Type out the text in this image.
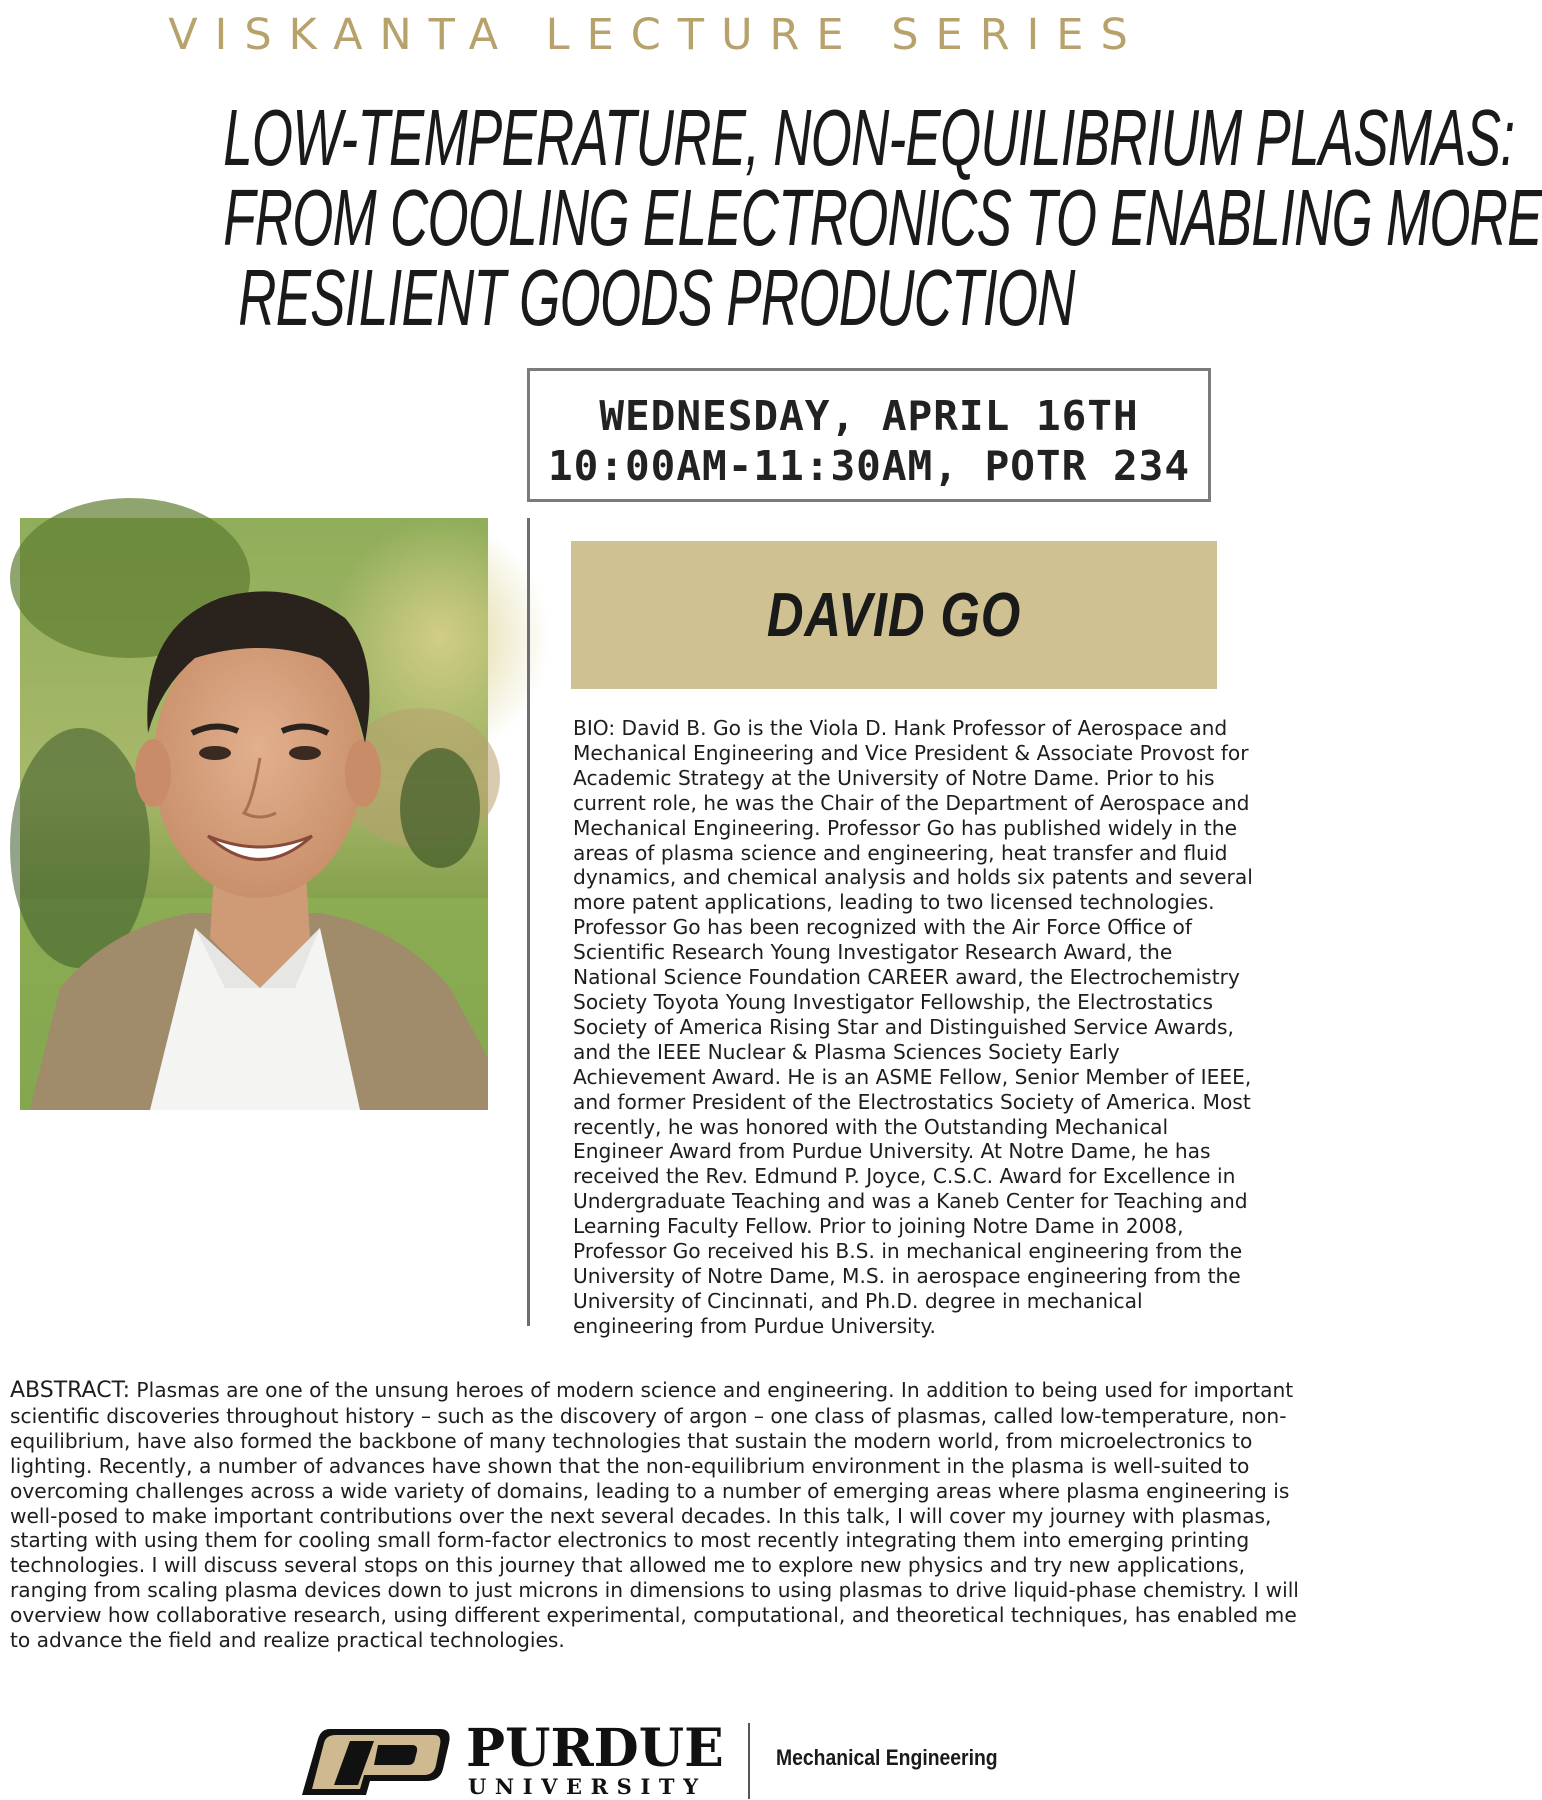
VISKANTA LECTURE SERIES
LOW-TEMPERATURE, NON-EQUILIBRIUM PLASMAS:
FROM COOLING ELECTRONICS TO ENABLING MORE
RESILIENT GOODS PRODUCTION
WEDNESDAY, APRIL 16TH
10:00AM-11:30AM, POTR 234
DAVID GO
BIO: David B. Go is the Viola D. Hank Professor of Aerospace and Mechanical Engineering and Vice President & Associate Provost for Academic Strategy at the University of Notre Dame. Prior to his current role, he was the Chair of the Department of Aerospace and Mechanical Engineering. Professor Go has published widely in the areas of plasma science and engineering, heat transfer and fluid dynamics, and chemical analysis and holds six patents and several more patent applications, leading to two licensed technologies. Professor Go has been recognized with the Air Force Office of Scientific Research Young Investigator Research Award, the National Science Foundation CAREER award, the Electrochemistry Society Toyota Young Investigator Fellowship, the Electrostatics Society of America Rising Star and Distinguished Service Awards, and the IEEE Nuclear & Plasma Sciences Society Early Achievement Award. He is an ASME Fellow, Senior Member of IEEE, and former President of the Electrostatics Society of America. Most recently, he was honored with the Outstanding Mechanical Engineer Award from Purdue University. At Notre Dame, he has received the Rev. Edmund P. Joyce, C.S.C. Award for Excellence in Undergraduate Teaching and was a Kaneb Center for Teaching and Learning Faculty Fellow. Prior to joining Notre Dame in 2008, Professor Go received his B.S. in mechanical engineering from the University of Notre Dame, M.S. in aerospace engineering from the University of Cincinnati, and Ph.D. degree in mechanical engineering from Purdue University.
ABSTRACT: Plasmas are one of the unsung heroes of modern science and engineering. In addition to being used for important scientific discoveries throughout history – such as the discovery of argon – one class of plasmas, called low-temperature, non-equilibrium, have also formed the backbone of many technologies that sustain the modern world, from microelectronics to lighting. Recently, a number of advances have shown that the non-equilibrium environment in the plasma is well-suited to overcoming challenges across a wide variety of domains, leading to a number of emerging areas where plasma engineering is well-posed to make important contributions over the next several decades. In this talk, I will cover my journey with plasmas, starting with using them for cooling small form-factor electronics to most recently integrating them into emerging printing technologies. I will discuss several stops on this journey that allowed me to explore new physics and try new applications, ranging from scaling plasma devices down to just microns in dimensions to using plasmas to drive liquid-phase chemistry. I will overview how collaborative research, using different experimental, computational, and theoretical techniques, has enabled me to advance the field and realize practical technologies.
PURDUE
UNIVERSITY
Mechanical Engineering
